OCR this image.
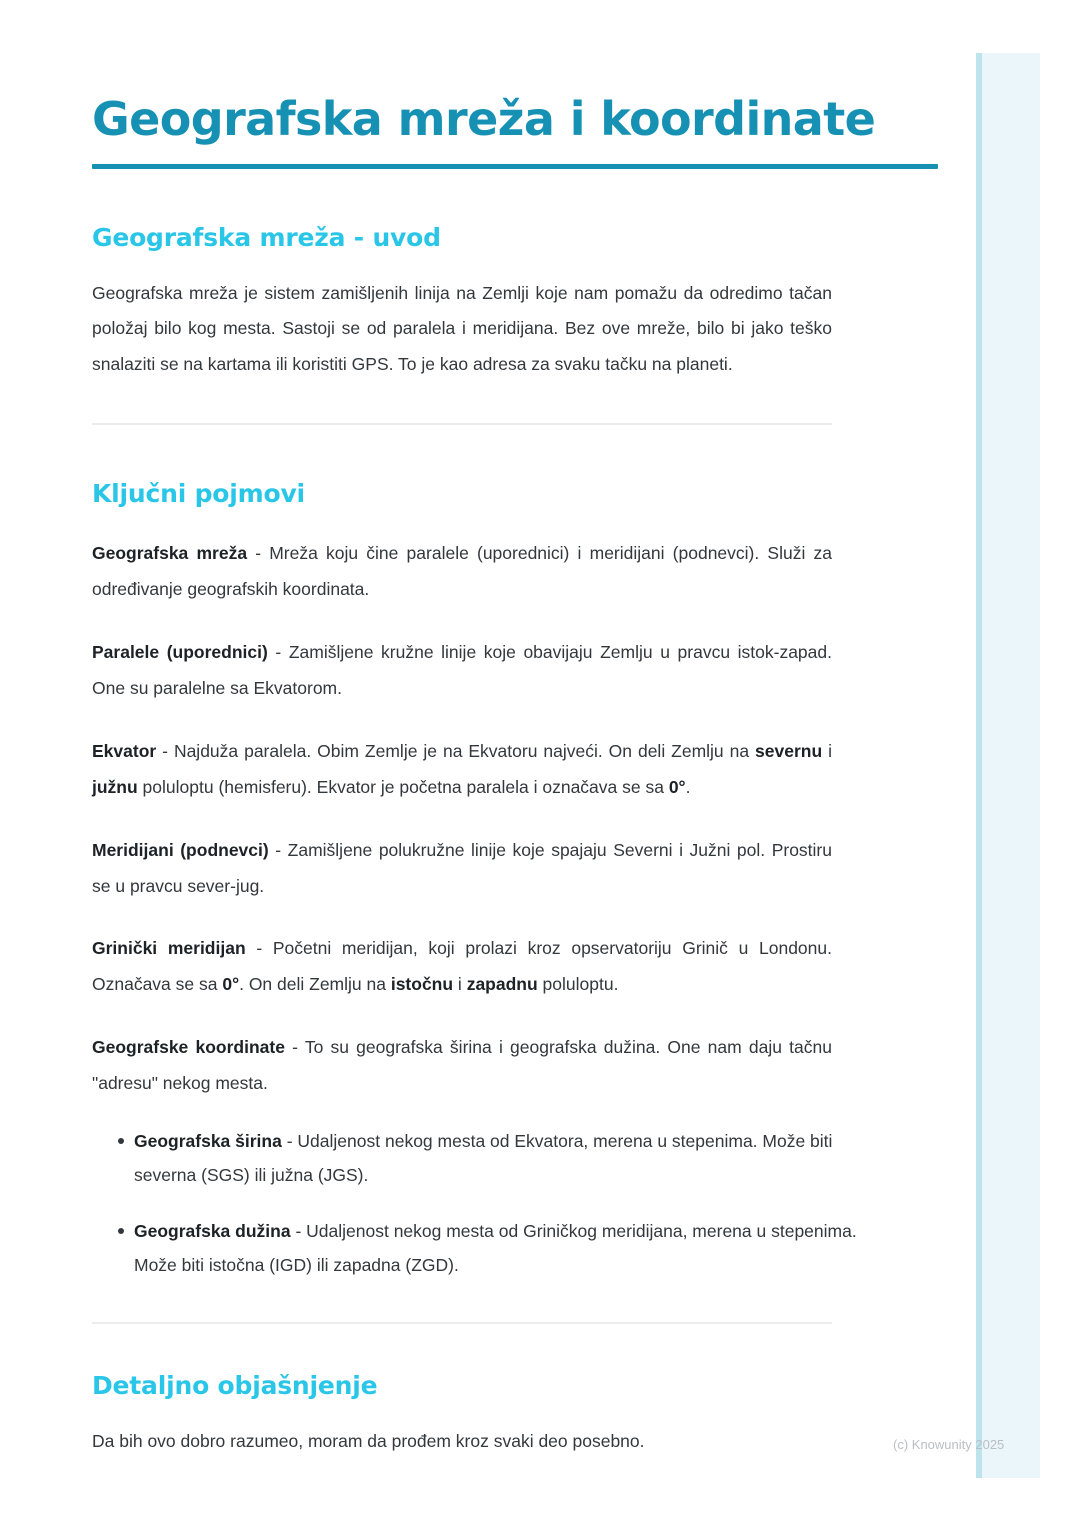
Geografska mreža i koordinate
Geografska mreža - uvod

Geografska mreža je sistem zamišljenih linija na Zemlji koje nam pomažu da odredimo tačan položaj bilo kog mesta. Sastoji se od paralela i meridijana. Bez ove mreže, bilo bi jako teško snalaziti se na kartama ili koristiti GPS. To je kao adresa za svaku tačku na planeti.

Ključni pojmovi

Geografska mreža - Mreža koju čine paralele (uporednici) i meridijani (podnevci). Služi za određivanje geografskih koordinata.

Paralele (uporednici) - Zamišljene kružne linije koje obavijaju Zemlju u pravcu istok-zapad. One su paralelne sa Ekvatorom.

Ekvator - Najduža paralela. Obim Zemlje je na Ekvatoru najveći. On deli Zemlju na severnu i južnu poluloptu (hemisferu). Ekvator je početna paralela i označava se sa 0°.

Meridijani (podnevci) - Zamišljene polukružne linije koje spajaju Severni i Južni pol. Prostiru se u pravcu sever-jug.

Grinički meridijan - Početni meridijan, koji prolazi kroz opservatoriju Grinič u Londonu. Označava se sa 0°. On deli Zemlju na istočnu i zapadnu poluloptu.

Geografske koordinate - To su geografska širina i geografska dužina. One nam daju tačnu "adresu" nekog mesta.

Geografska širina - Udaljenost nekog mesta od Ekvatora, merena u stepenima. Može biti severna (SGS) ili južna (JGS).
Geografska dužina - Udaljenost nekog mesta od Griničkog meridijana, merena u stepenima. Može biti istočna (IGD) ili zapadna (ZGD).
Detaljno objašnjenje

Da bih ovo dobro razumeo, moram da prođem kroz svaki deo posebno.	(c) Knowunity 2025
